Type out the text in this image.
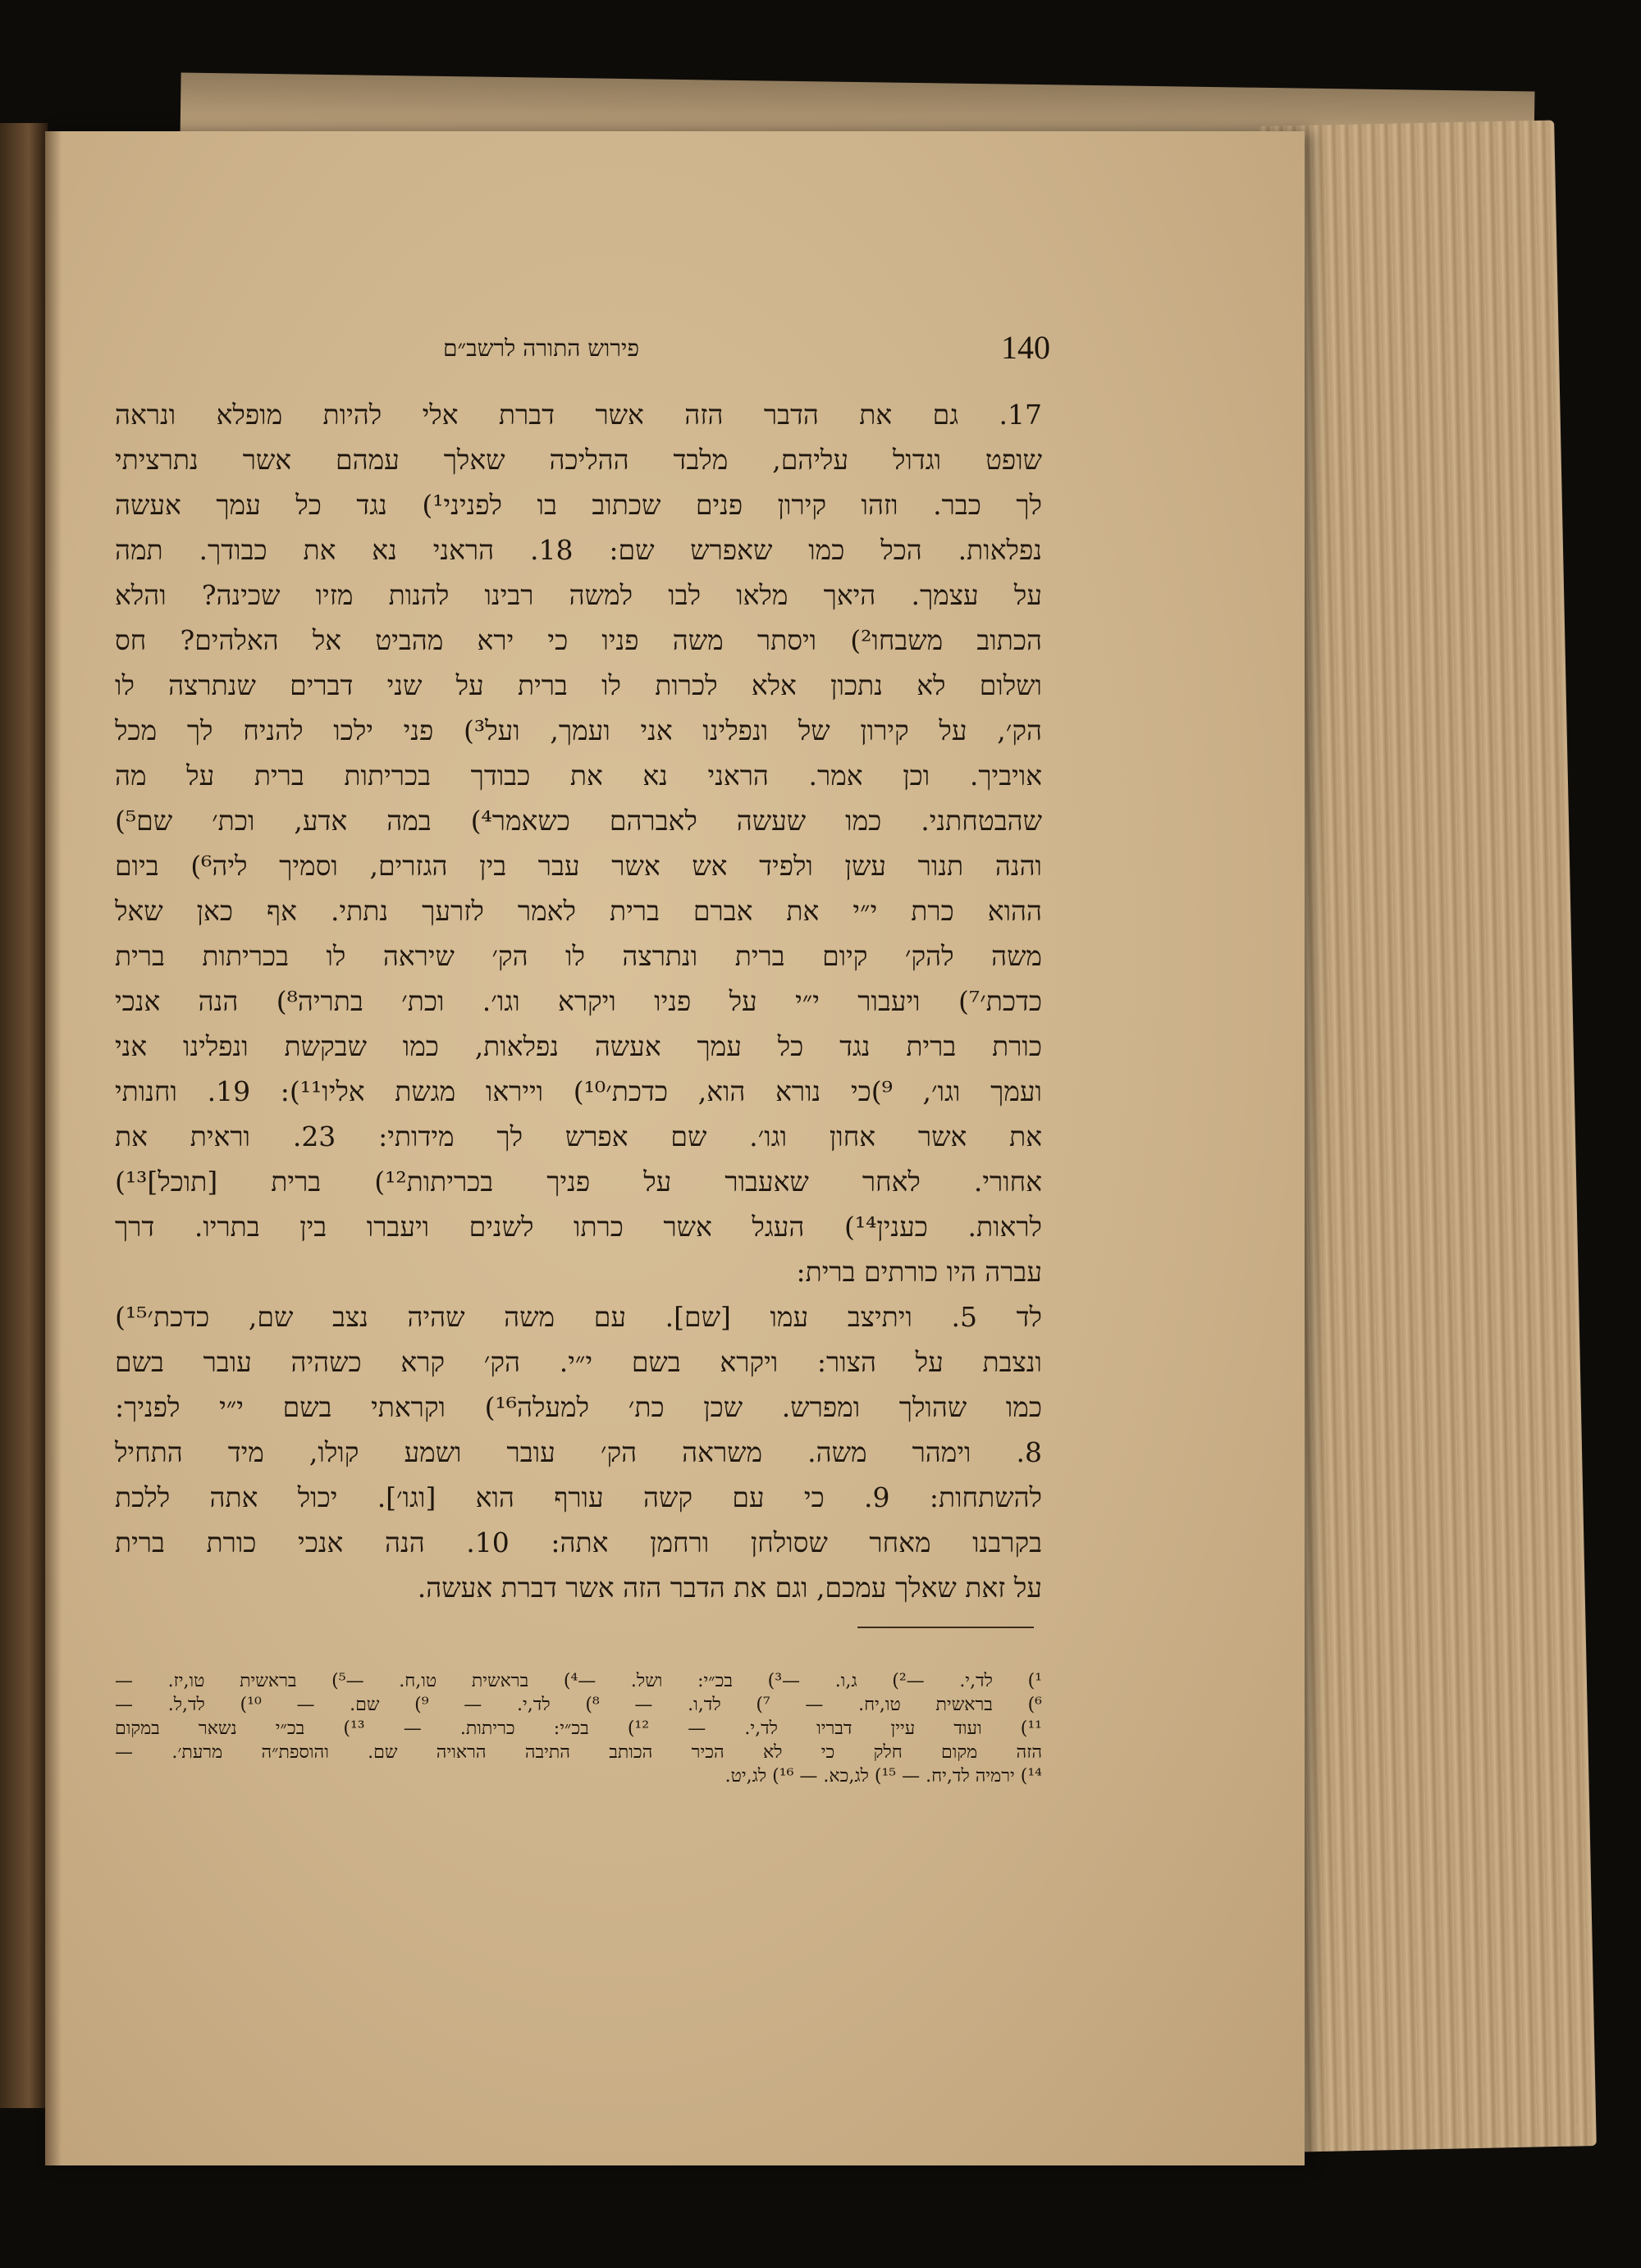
140
פירוש התורה לרשב״ם
17. גם את הדבר הזה אשר דברת אלי להיות מופלא ונראה
שופט וגדול עליהם, מלבד ההליכה שאלך עמהם אשר נתרציתי
לך כבר. וזהו קירון פנים שכתוב בו לפניני¹) נגד כל עמך אעשה
נפלאות. הכל כמו שאפרש שם: 18. הראני נא את כבודך. תמה
על עצמך. היאך מלאו לבו למשה רבינו להנות מזיו שכינה? והלא
הכתוב משבחו²) ויסתר משה פניו כי ירא מהביט אל האלהים? חס
ושלום לא נתכון אלא לכרות לו ברית על שני דברים שנתרצה לו
הק׳, על קירון של ונפלינו אני ועמך, ועל³) פני ילכו להניח לך מכל
אויביך. וכן אמר. הראני נא את כבודך בכריתות ברית על מה
שהבטחתני. כמו שעשה לאברהם כשאמר⁴) במה אדע, וכת׳ שם⁵)
והנה תנור עשן ולפיד אש אשר עבר בין הגזרים, וסמיך ליה⁶) ביום
ההוא כרת י״י את אברם ברית לאמר לזרעך נתתי. אף כאן שאל
משה להק׳ קיום ברית ונתרצה לו הק׳ שיראה לו בכריתות ברית
כדכת׳⁷) ויעבור י״י על פניו ויקרא וגו׳. וכת׳ בתריה⁸) הנה אנכי
כורת ברית נגד כל עמך אעשה נפלאות, כמו שבקשת ונפלינו אני
ועמך וגו׳, ⁹)כי נורא הוא, כדכת׳¹⁰) וייראו מגשת אליו¹¹): 19. וחנותי
את אשר אחון וגו׳. שם אפרש לך מידותי: 23. וראית את
אחורי. לאחר שאעבור על פניך בכריתות¹²) ברית [תוכל]¹³)
לראות. כענין¹⁴) העגל אשר כרתו לשנים ויעברו בין בתריו. דרך
עברה היו כורתים ברית:
לד 5. ויתיצב עמו [שם]. עם משה שהיה נצב שם, כדכת׳¹⁵)
ונצבת על הצור: ויקרא בשם י״י. הק׳ קרא כשהיה עובר בשם
כמו שהולך ומפרש. שכן כת׳ למעלה¹⁶) וקראתי בשם י״י לפניך:
8. וימהר משה. משראה הק׳ עובר ושמע קולו, מיד התחיל
להשתחות: 9. כי עם קשה עורף הוא [וגו׳]. יכול אתה ללכת
בקרבנו מאחר שסולחן ורחמן אתה: 10. הנה אנכי כורת ברית
על זאת שאלך עמכם, וגם את הדבר הזה אשר דברת אעשה.
¹) לד,י. —²) ג,ו. —³) בכ״י: ושל. —⁴) בראשית טו,ח. —⁵) בראשית טו,יז. —
⁶) בראשית טו,יח. — ⁷) לד,ו. — ⁸) לד,י. — ⁹) שם. — ¹⁰) לד,ל. —
¹¹) ועוד עיין דבריו לד,י. — ¹²) בכ״י: כריתות. — ¹³) בכ״י נשאר במקום
הזה מקום חלק כי לא הכיר הכותב התיבה הראויה שם. והוספת״ה מרעת׳. —
¹⁴) ירמיה לד,יח. — ¹⁵) לג,כא. — ¹⁶) לג,יט.
